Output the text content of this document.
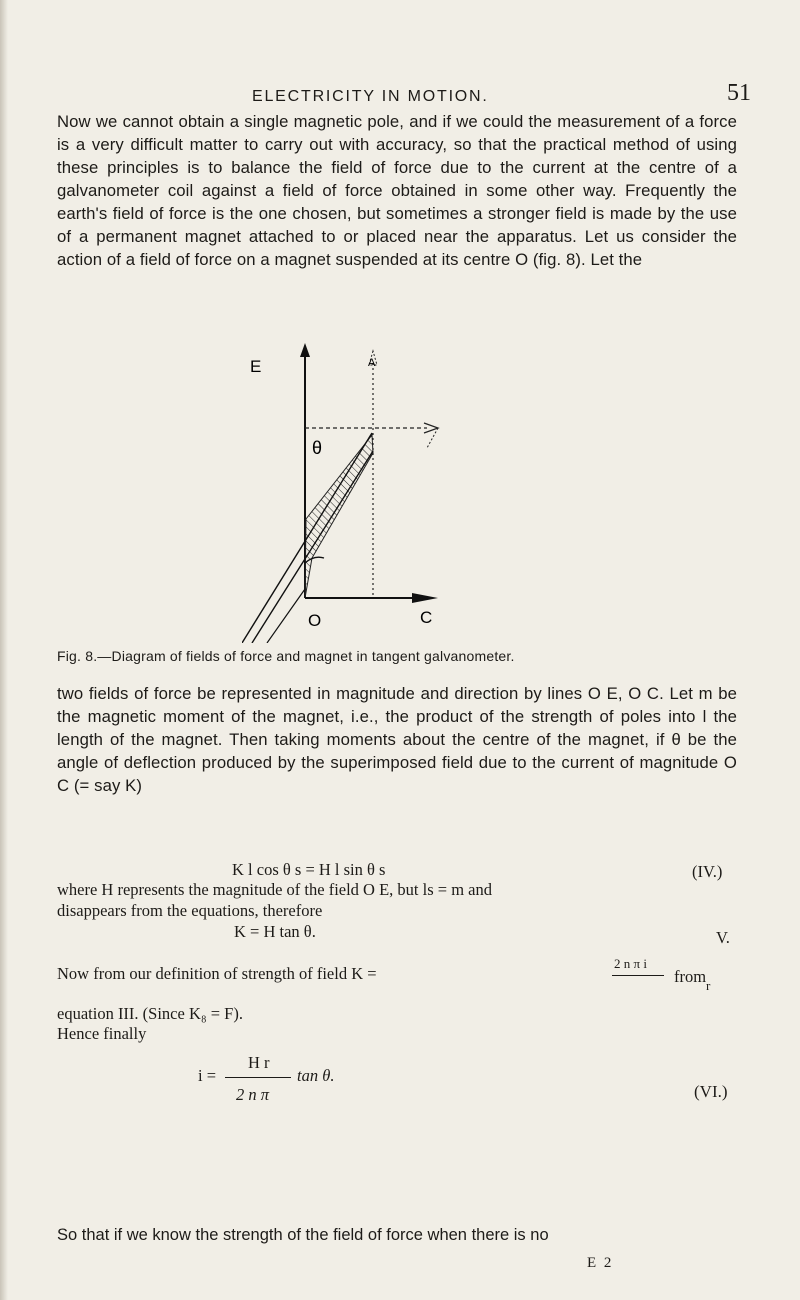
ELECTRICITY IN MOTION.	51
Now we cannot obtain a single magnetic pole, and if we could the measurement of a force is a very difficult matter to carry out with accuracy, so that the practical method of using these principles is to balance the field of force due to the current at the centre of a galvanometer coil against a field of force obtained in some other way. Frequently the earth's field of force is the one chosen, but sometimes a stronger field is made by the use of a permanent magnet attached to or placed near the apparatus. Let us consider the action of a field of force on a magnet suspended at its centre O (fig. 8). Let the
E
θ
O	C
A
Fig. 8.—Diagram of fields of force and magnet in tangent galvanometer.
two fields of force be represented in magnitude and direction by lines O E, O C. Let m be the magnetic moment of the magnet, i.e., the product of the strength of poles into l the length of the magnet. Then taking moments about the centre of the magnet, if θ be the angle of deflection produced by the superimposed field due to the current of magnitude O C (= say K)
K l cos θ s = H l sin θ s	(IV.)
where H represents the magnitude of the field O E, but ls = m and
disappears from the equations, therefore
K = H tan θ.	V.
Now from our definition of strength of field K =
2 n π i
r
from
equation III. (Since K₈ = F).
Hence finally
H r
i =	tan θ.
2 n π	(VI.)
So that if we know the strength of the field of force when there is no
E 2
